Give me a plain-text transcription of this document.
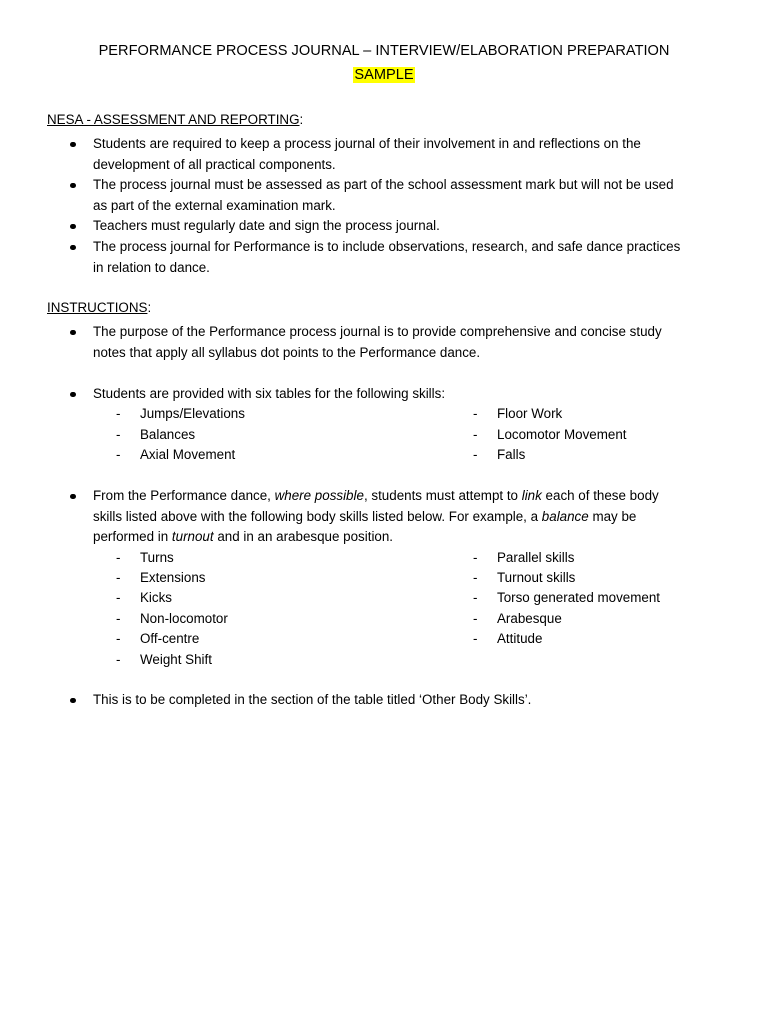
PERFORMANCE PROCESS JOURNAL – INTERVIEW/ELABORATION PREPARATION
SAMPLE
NESA - ASSESSMENT AND REPORTING:
Students are required to keep a process journal of their involvement in and reflections on the
development of all practical components.
The process journal must be assessed as part of the school assessment mark but will not be used
as part of the external examination mark.
Teachers must regularly date and sign the process journal.
The process journal for Performance is to include observations, research, and safe dance practices
in relation to dance.
INSTRUCTIONS:
The purpose of the Performance process journal is to provide comprehensive and concise study
notes that apply all syllabus dot points to the Performance dance.
Students are provided with six tables for the following skills:
- Jumps/Elevations
- Balances
- Axial Movement
- Floor Work
- Locomotor Movement
- Falls
From the Performance dance, where possible, students must attempt to link each of these body
skills listed above with the following body skills listed below. For example, a balance may be
performed in turnout and in an arabesque position.
- Turns
- Extensions
- Kicks
- Non-locomotor
- Off-centre
- Weight Shift
- Parallel skills
- Turnout skills
- Torso generated movement
- Arabesque
- Attitude
This is to be completed in the section of the table titled ‘Other Body Skills’.
